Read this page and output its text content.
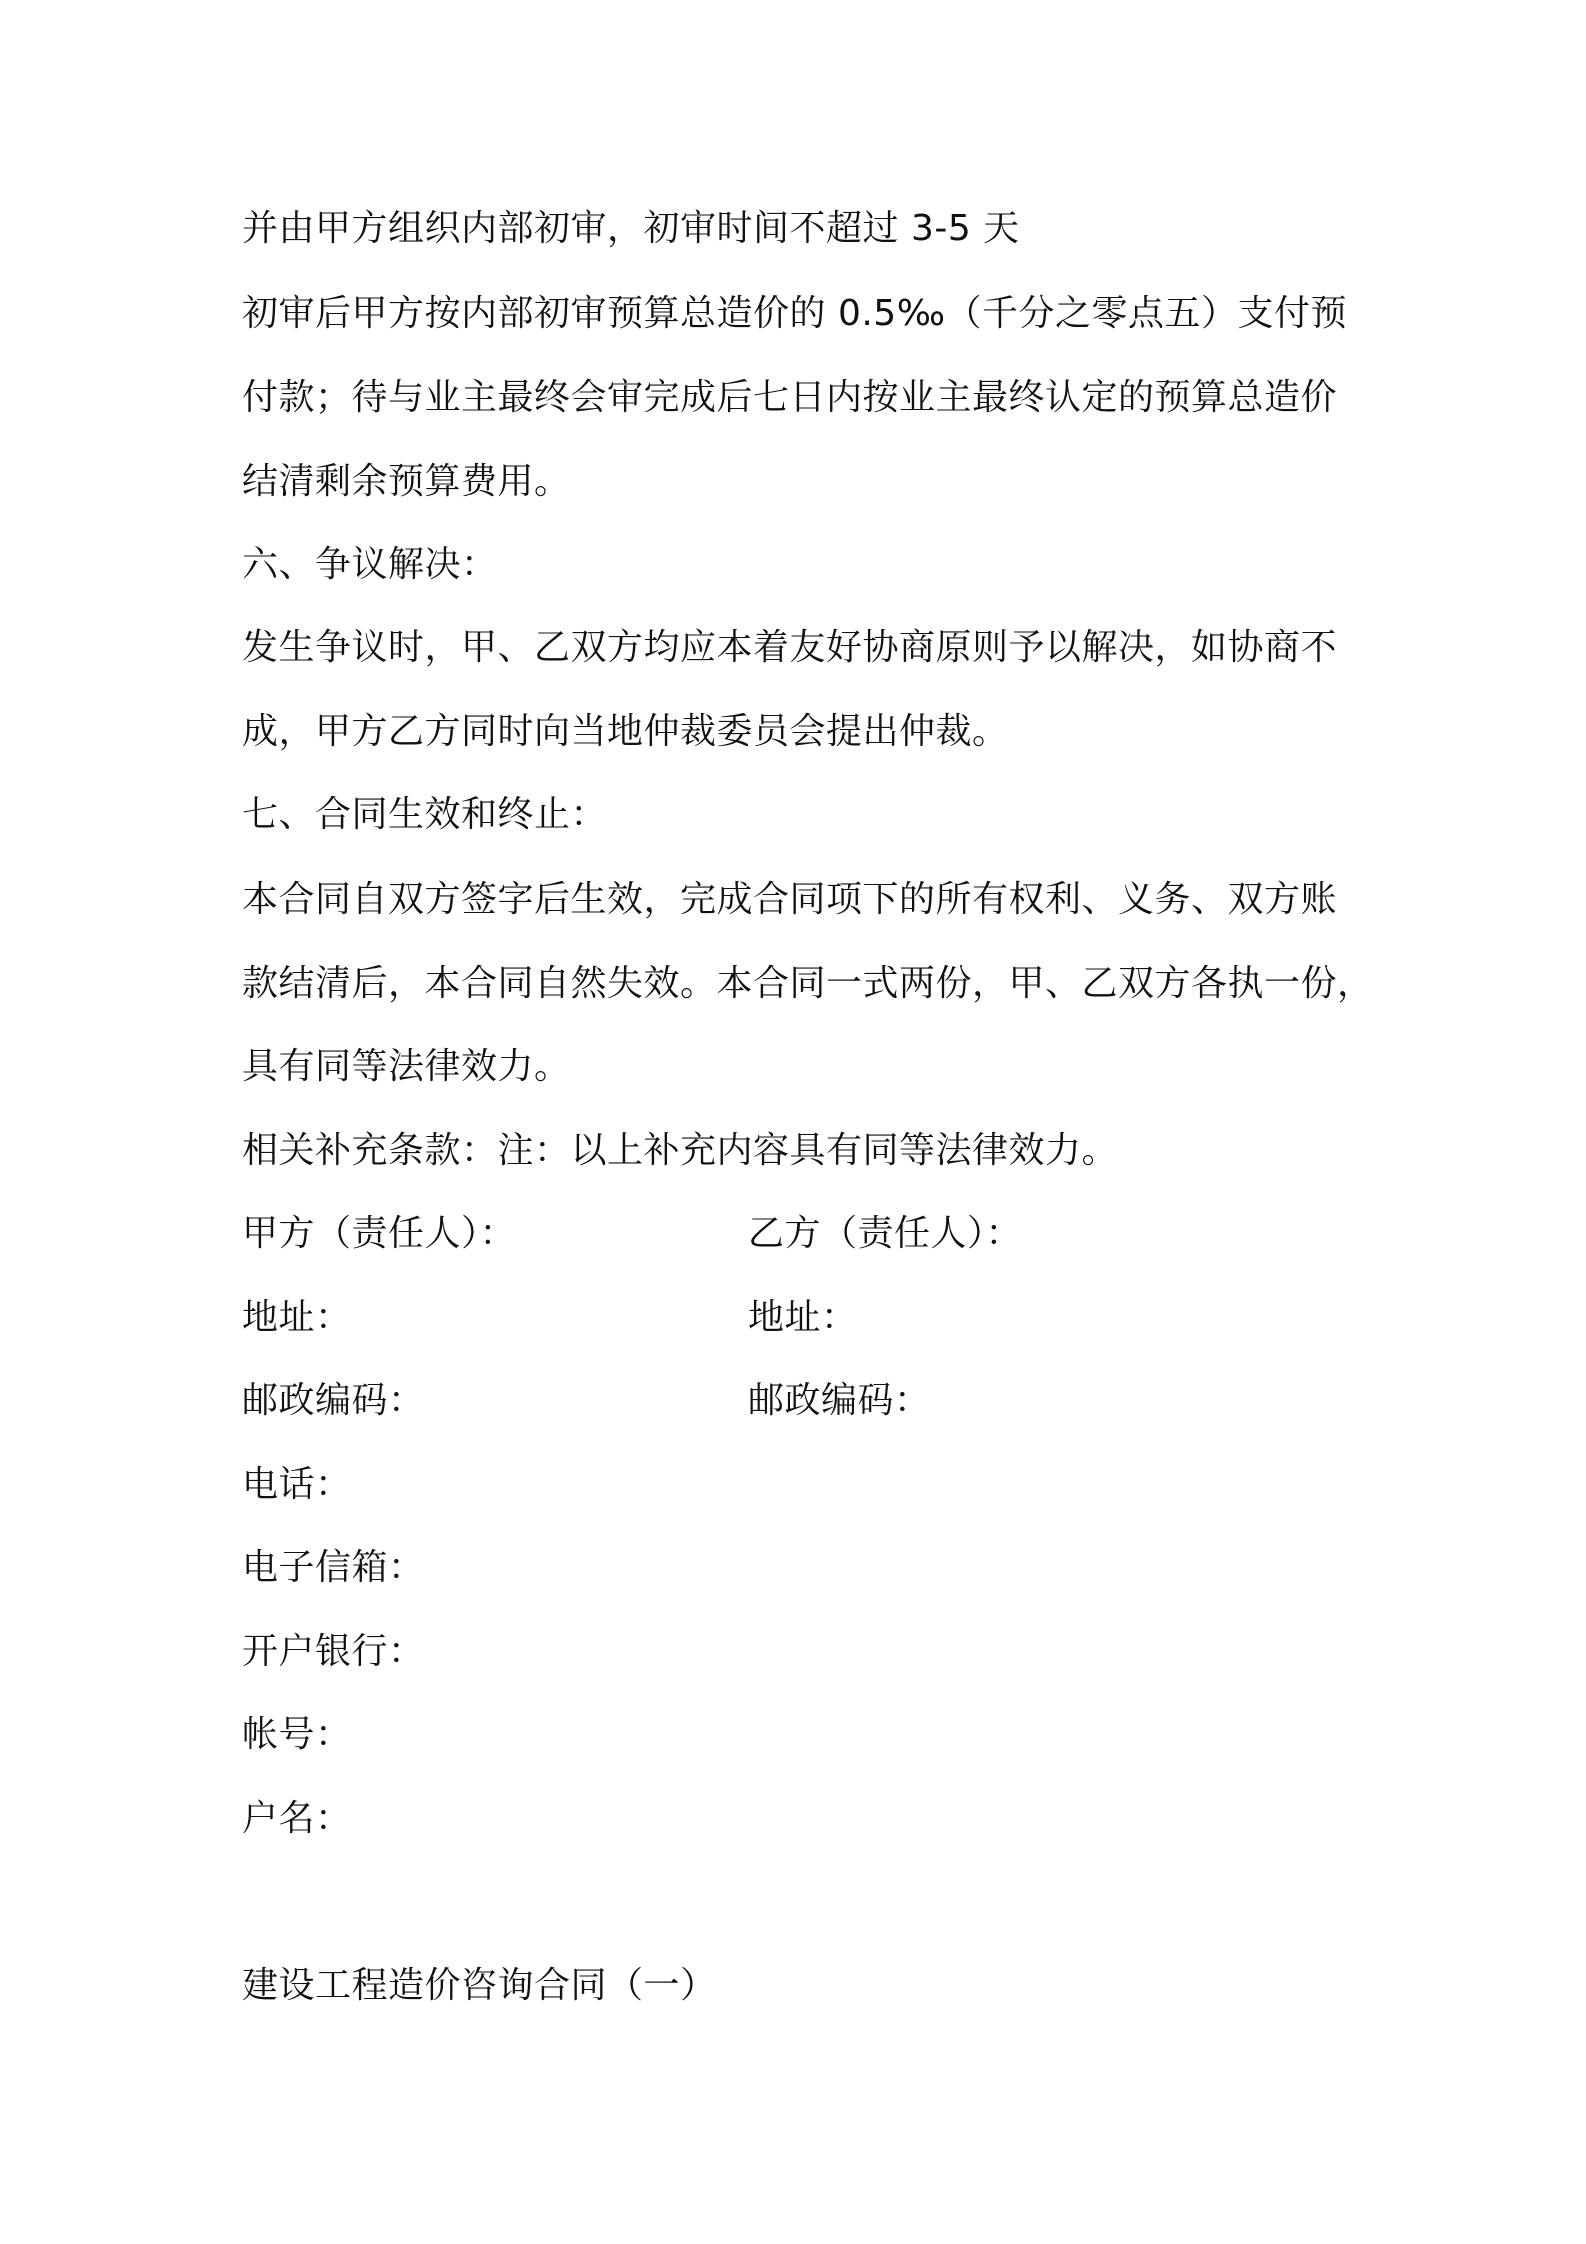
并由甲方组织内部初审，初审时间不超过 3-5 天
初审后甲方按内部初审预算总造价的 0.5‰（千分之零点五）支付预
付款；待与业主最终会审完成后七日内按业主最终认定的预算总造价
结清剩余预算费用。
六、争议解决：
发生争议时，甲、乙双方均应本着友好协商原则予以解决，如协商不
成，甲方乙方同时向当地仲裁委员会提出仲裁。
七、合同生效和终止：
本合同自双方签字后生效，完成合同项下的所有权利、义务、双方账
款结清后，本合同自然失效。本合同一式两份，甲、乙双方各执一份，
具有同等法律效力。
相关补充条款：注：以上补充内容具有同等法律效力。
甲方（责任人）：	乙方（责任人）：
地址：	地址：
邮政编码：	邮政编码：
电话：
电子信箱：
开户银行：
帐号：
户名：
建设工程造价咨询合同（一）
